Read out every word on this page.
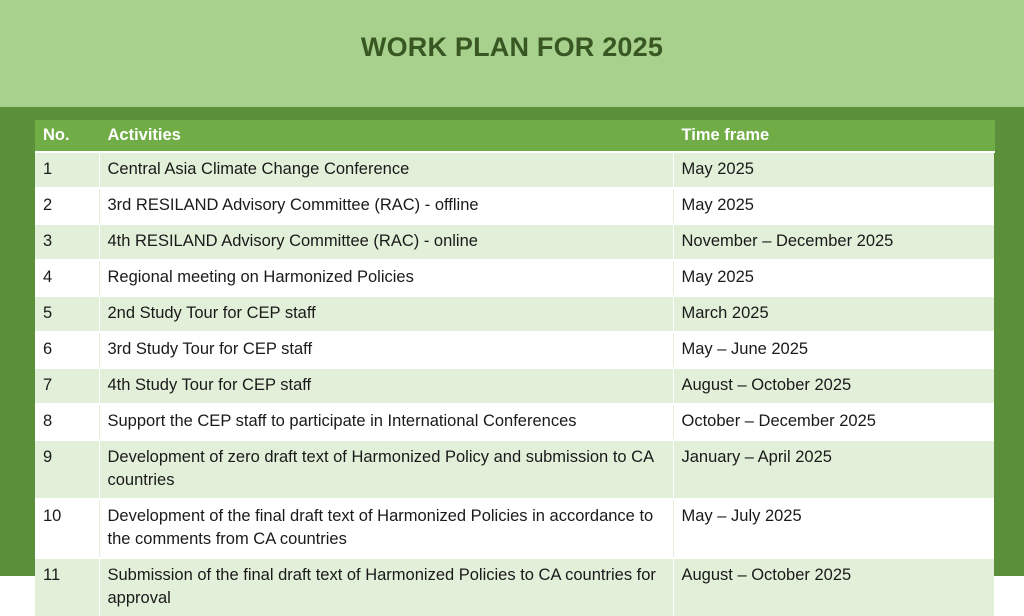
WORK PLAN FOR 2025
No.	Activities	Time frame
1	Central Asia Climate Change Conference	May 2025
2	3rd RESILAND Advisory Committee (RAC) - offline	May 2025
3	4th RESILAND Advisory Committee (RAC) - online	November – December 2025
4	Regional meeting on Harmonized Policies	May 2025
5	2nd Study Tour for CEP staff	March 2025
6	3rd Study Tour for CEP staff	May – June 2025
7	4th Study Tour for CEP staff	August – October 2025
8	Support the CEP staff to participate in International Conferences	October – December 2025
9	Development of zero draft text of Harmonized Policy and submission to CA countries	January – April 2025
10	Development of the final draft text of Harmonized Policies in accordance to the comments from CA countries	May – July 2025
11	Submission of the final draft text of Harmonized Policies to CA countries for approval	August – October 2025
